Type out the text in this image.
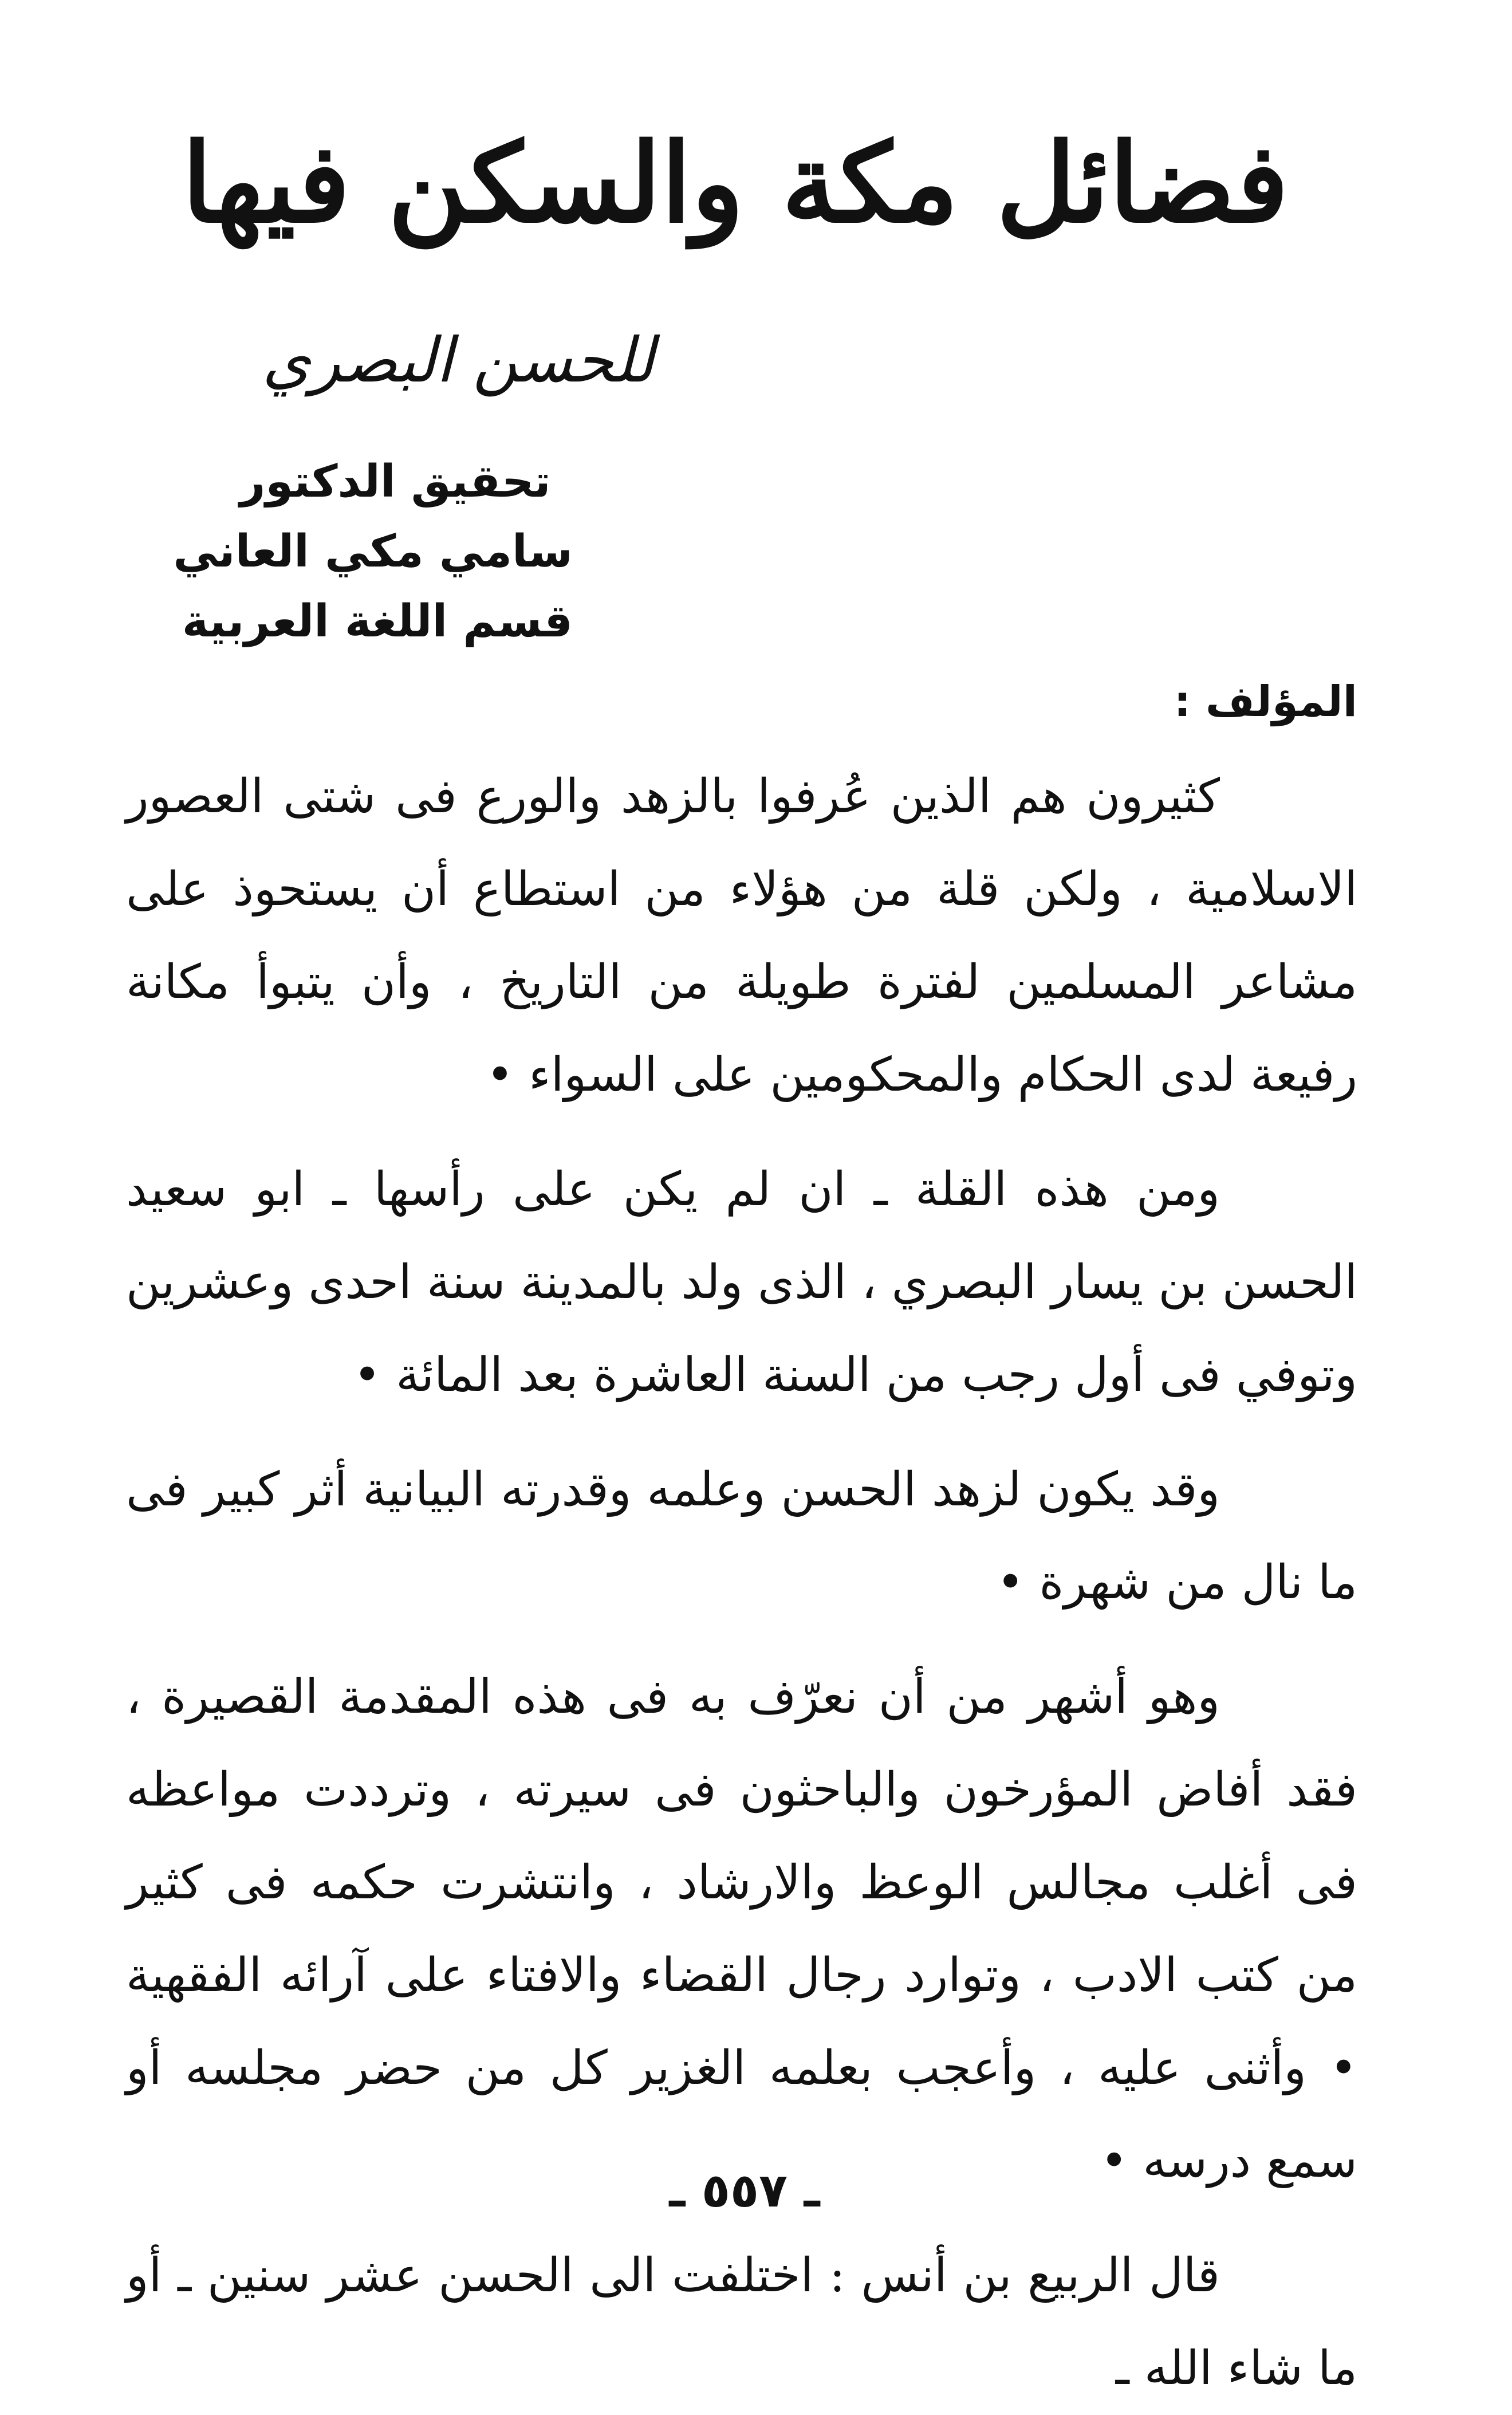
فضائل مكة والسكن فيها
للحسن البصري
تحقيق الدكتور
سامي مكي العاني
قسم اللغة العربية
المؤلف :

كثيرون هم الذين عُرفوا بالزهد والورع فى شتى العصور الاسلامية ، ولكن قلة من هؤلاء من استطاع أن يستحوذ على مشاعر المسلمين لفترة طويلة من التاريخ ، وأن يتبوأ مكانة رفيعة لدى الحكام والمحكومين على السواء •

ومن هذه القلة ـ ان لم يكن على رأسها ـ ابو سعيد الحسن بن يسار البصري ، الذى ولد بالمدينة سنة احدى وعشرين وتوفي فى أول رجب من السنة العاشرة بعد المائة •

وقد يكون لزهد الحسن وعلمه وقدرته البيانية أثر كبير فى ما نال من شهرة •

وهو أشهر من أن نعرّف به فى هذه المقدمة القصيرة ، فقد أفاض المؤرخون والباحثون فى سيرته ، وترددت مواعظه فى أغلب مجالس الوعظ والارشاد ، وانتشرت حكمه فى كثير من كتب الادب ، وتوارد رجال القضاء والافتاء على آرائه الفقهية • وأثنى عليه ، وأعجب بعلمه الغزير كل من حضر مجلسه أو سمع درسه •

قال الربيع بن أنس : اختلفت الى الحسن عشر سنين ـ أو ما شاء الله ـ

ـ ٥٥٧ ـ
